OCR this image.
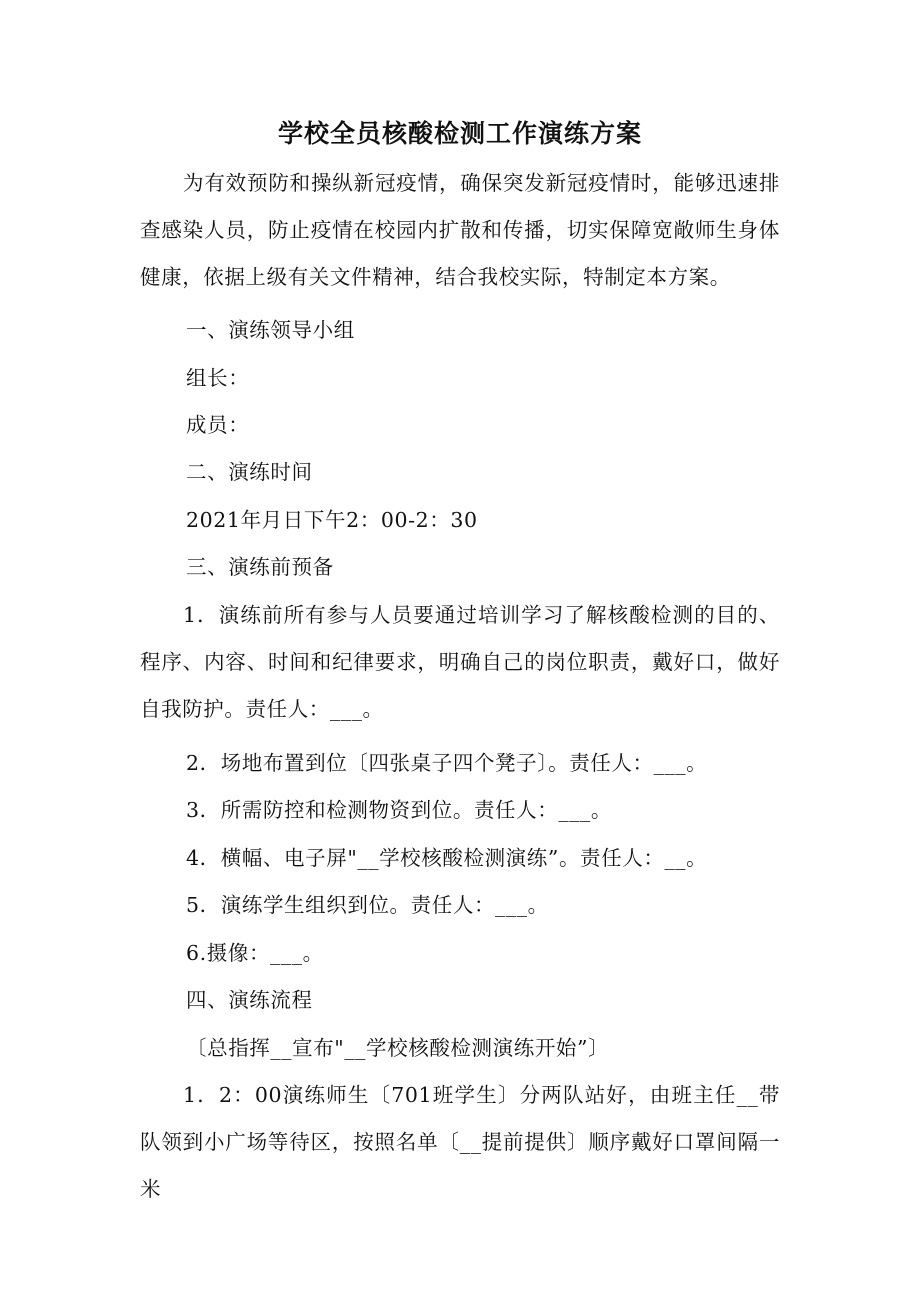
学校全员核酸检测工作演练方案

为有效预防和操纵新冠疫情，确保突发新冠疫情时，能够迅速排查感染人员，防止疫情在校园内扩散和传播，切实保障宽敞师生身体健康，依据上级有关文件精神，结合我校实际，特制定本方案。

一、演练领导小组

组长：

成员：

二、演练时间

2021年月日下午2：00-2：30

三、演练前预备

1．演练前所有参与人员要通过培训学习了解核酸检测的目的、程序、内容、时间和纪律要求，明确自己的岗位职责，戴好口，做好自我防护。责任人：___。

2．场地布置到位〔四张桌子四个凳子〕。责任人：___。

3．所需防控和检测物资到位。责任人：___。

4．横幅、电子屏"__学校核酸检测演练”。责任人：__。

5．演练学生组织到位。责任人：___。

6.摄像：___。

四、演练流程

〔总指挥__宣布"__学校核酸检测演练开始”〕

1．2：00演练师生〔701班学生〕分两队站好，由班主任__带队领到小广场等待区，按照名单〔__提前提供〕顺序戴好口罩间隔一米
